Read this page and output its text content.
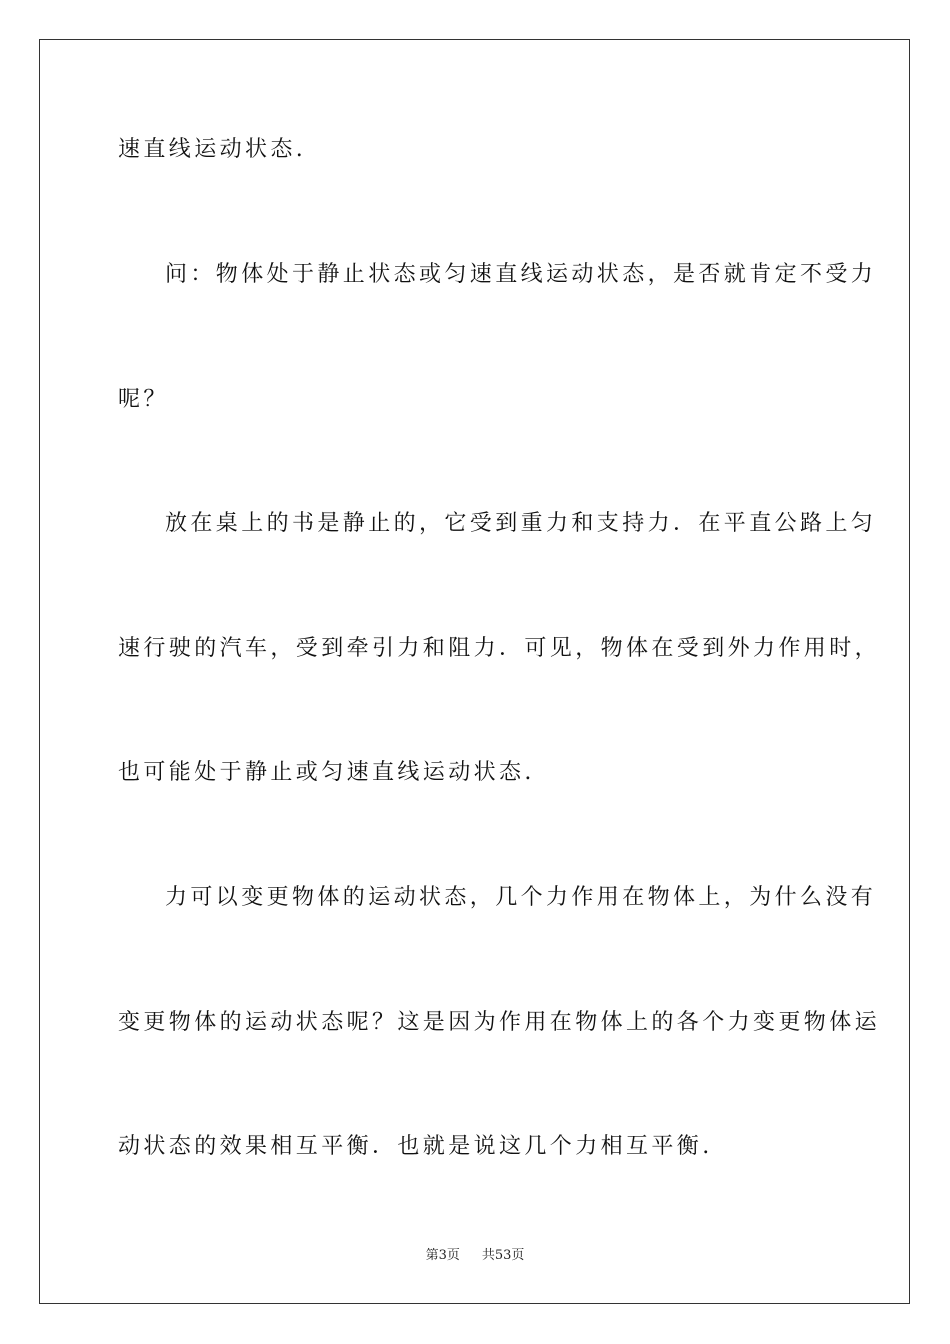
速直线运动状态.
问：物体处于静止状态或匀速直线运动状态，是否就肯定不受力
呢？
放在桌上的书是静止的，它受到重力和支持力．在平直公路上匀
速行驶的汽车，受到牵引力和阻力．可见，物体在受到外力作用时，
也可能处于静止或匀速直线运动状态.
力可以变更物体的运动状态，几个力作用在物体上，为什么没有
变更物体的运动状态呢？这是因为作用在物体上的各个力变更物体运
动状态的效果相互平衡．也就是说这几个力相互平衡.
第3页 共53页
